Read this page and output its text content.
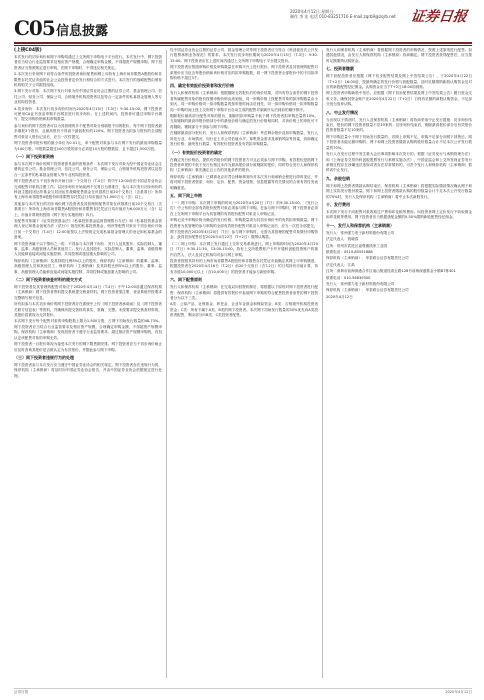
C05 信息披露
2020年4月12日 星期日
制作 李 宏 电话 010-83251716 E-mail:zqrb9@zqrb.net	证券日报
(上接C04版)
本次发行的初步询价和网下申购均通过上交所网下申购电子平台进行。本次发行中，网下投资者应当结合行业监管要求及相应资产规模，合理确定申购金额，不得超资产规模申购。网下投资者应当按照规定进行申购，在网下申购时，不得违反相关规定。
2.本次发行采用网下向符合条件的投资者询价配售和网上向持有上海市场非限售A股股份和非限售存托凭证市值的社会公众投资者定价发行相结合的方式进行。本次发行的战略配售由保荐机构相关子公司跟投组成。
3.网下发行对象：本次网下发行对象为经中国证券业协会注册的证券公司、基金管理公司、信托公司、财务公司、保险公司、合格境外机构投资者以及符合一定条件的私募基金管理人等专业机构投资者。
4.初步询价：本次发行初步询价时间为2020年4月15日（T-3日）9:30-15:00。网下投资者可使用CA证书登录申购平台网页进行初步询价。在上述时间内，投资者可通过申购平台填写、提交申购价格和拟申购数量。
参与询价的网下投资者可以为其管理的多个配售对象分别填报不同的报价，每个网下投资者最多填报3个报价，且最高报价不得高于最低报价的120%。网下投资者为拟参与报价的全部配售对象录入报价记录后，应当一次性提交。
网下投资者申报价格的最小单位为0.01元，单个配售对象参与本次网下发行的最低申购数量为100万股，申报数量超过100万股的部分必须是10万股的整数倍，且不超过1,500万股。
（一）网下投资者资格
参与本次网下询价的网下投资者需具备的资格条件：本次网下发行对象为经中国证券业协会注册的证券公司、基金管理公司、信托公司、财务公司、保险公司、合格境外机构投资者以及符合一定条件的私募基金管理人等专业机构投资者。
网下投资者应当于初步询价开始日前一个交易日（T-4日）的中午12:00前在中国证券业协会完成配售对象的注册工作。以初步询价开始前两个交易日为基准日，参与本次发行初步询价的科创主题封闭运作基金与封闭运作战略配售基金在该基准日前20个交易日（含基准日）所持有上海市场非限售A股股份和非限售存托凭证日均市值应为1,000万元（含）以上。
其他参与本次发行的初步询价网下投资者及其管理的配售对象在该基准日前20个交易日（含基准日）所持有上海市场非限售A股股份和非限售存托凭证日均市值应为6,000万元（含）以上。市值计算规则按照《网下发行实施细则》执行。
若配售对象属于《证券投资基金法》《私募投资基金监督管理暂行办法》和《私募投资基金管理人登记和基金备案办法（试行）》规范的私募投资基金，则该等配售对象应于初步询价开始日前一个交易日（T-4日）12:00前按以上法规规定完成私募基金管理人的登记和私募基金的备案。
网下投资者属于以下情形之一的，不得参与本次网下询价：发行人及其股东、实际控制人、董事、监事、高级管理人员和其他员工；发行人及其股东、实际控制人、董事、监事、高级管理人员能够直接或间接实施控制、共同控制或施加重大影响的公司。
保荐机构（主承销商）及其持股比例5%以上的股东，保荐机构（主承销商）的董事、监事、高级管理人员和其他员工；保荐机构（主承销商）及其持股比例5%以上的股东、董事、监事、高级管理人员能够直接或间接实施控制、共同控制或施加重大影响的公司。
（二）网下投资者核查材料的提交方式
网下投资者及其管理的配售对象应于2020年4月14日（T-4日）中午12:00前通过保荐机构（主承销商）网下投资者资料提交系统提交核查材料。网下投资者需注册、登录系统并按要求完整填写相关信息。
所有拟参与本次初步询价的网下投资者应在系统中上传《网下投资者承诺函》及《网下投资者关联方信息表》等资料，并确保所提交资料的真实、准确、完整。未按要求提交核查材料的，其报价将被视为无效报价。
本次网下发行每个配售对象的申购股数上限为1,500万股，占网下初始发行数量的48.73%。网下投资者应当结合行业监管要求及相应资产规模，合理确定申购金额，不得超资产规模申购。保荐机构（主承销商）发现投资者不遵守行业监管要求、超过相应资产规模申购的，有权认定该配售对象的申购无效。
网下投资者一旦报价即视为接受本次发行的网下限售期安排。网下投资者应当于初步询价截止后及时查询其报价是否被认定为有效报价，并据此参与网下申购。
（三）网下投资者违规行为的处理
网下投资者参与本次发行应当遵守中国证券业协会的相关规定。网下投资者存在违规行为的，保荐机构（主承销商）将及时向中国证券业协会报告，并由中国证券业协会依据规定进行处理。
经中国证券业协会注册的证券公司、基金管理公司等网下投资者应当符合《科创板首次公开发行股票承销业务规范》的要求。本次发行初步询价期间为2020年4月15日（T-3日）9:30-15:00。网下投资者应在上述时间内通过上交所网下申购电子平台提交报价。
网下投资者应按照申购价格及申购数量在申购平台上进行报价。网下投资者及其管理的配售对象报价应当包含每股价格和该价格对应的拟申购股数，同一网下投资者全部报价中的不同拟申购价格不超过3个。
四、确定有效报价投资者和发行价格
发行人和保荐机构（主承销商）根据剔除无效报价后的询价结果，对所有符合条件的网下投资者所属配售对象的报价按照申购价格由高到低、同一申购价格上按配售对象的拟申购数量由小到大、同一申购价格同一拟申购数量的按申报时间由后到先、同一拟申购价格同一拟申购数量同一申购时间上按上交所网下申购平台自动生成的配售对象顺序从后到前的顺序排序。
剔除报价最高部分配售对象的报价，剔除的拟申购量不低于网下投资者拟申购总量的10%。当拟剔除的最高申报价格部分中的最低价格与确定的发行价格相同时，对该价格上的申报可不再剔除。剔除部分不得参与网下申购。
在剔除最高部分报价后，发行人和保荐机构（主承销商）考虑剩余报价及拟申购数量、发行人所处行业、市场情况、同行业上市公司估值水平、募集资金需求及承销风险等因素，协商确定发行价格、最终发行数量、有效报价投资者及有效拟申购数量。
（一）有效报价投资者的确定
在确定发行价格后，提供有效报价的网下投资者方可且必须参与网下申购。有效报价是指网下投资者申报的不低于发行价格且未作为最高报价部分被剔除的报价，同时符合发行人和保荐机构（主承销商）事先确定且公告的其他条件的报价。
保荐机构（主承销商）已聘请北京市君合律师事务所对本次发行和承销全程进行即时见证，并将对网下投资者资质、询价、定价、配售、资金划拨、信息披露等有关情况的合规有效性发表明确意见。
五、网下网上申购
（一）网下申购：本次网下申购的时间为2020年4月20日（T日）的9:30-15:00。《发行公告》中公布的全部有效报价配售对象必须参与网下申购。在参与网下申购时，网下投资者必须在上交所网下申购平台为其管理的有效报价配售对象录入申购记录。
申购记录中申购价格为确定的发行价格，申购数量须为其初步询价中的有效拟申购数量。网下投资者为其管理的参与申购的全部有效报价配售对象录入申购记录后，应当一次性全部提交。
网下投资者在2020年4月20日（T日）参与网下申购时，无需为其管理的配售对象缴付申购资金，获得初步配售后在2020年4月22日（T+2日）缴纳认购款。
（二）网上申购：本次网上发行通过上交所交易系统进行。网上申购的时间为2020年4月20日（T日）9:30-11:30、13:00-15:00。持有上交所股票账户卡并开通科创板投资账户的境内自然人、法人及其它机构均可参与网上申购。
投资者按照其持有的上海市场非限售A股股份和非限售存托凭证市值确定其网上可申购额度。根据投资者在2020年4月16日（T-2日）前20个交易日（含T-2日）的日均持有市值计算，持有市值10,000元以上（含10,000元）的投资者才能参与新股申购。
六、网下配售原则
发行人和保荐机构（主承销商）在完成双向回拨机制后，将根据以下原则对网下投资者进行配售：保荐机构（主承销商）将提供有效报价并参加网下申购的符合配售投资者条件的网下投资者分为以下三类。
A类：公募产品、社保基金、养老金、企业年金基金和保险资金；B类：合格境外机构投资者资金；C类：所有不属于A类、B类的网下投资者。本次网下初始发行数量的50%优先向A类投资者配售，剩余部分向B类、C类投资者配售。
发行人和保荐机构（主承销商）将根据网下投资者的申购情况，按照上述原则进行配售。如遇其他情况，由发行人和保荐机构（主承销商）协商确定。网下投资者获得配售后，应当按时足额缴纳认购资金。
七、投资者缴款
网下获配投资者应根据《网下初步配售结果及网上中签结果公告》，于2020年4月22日（T+2日）16:00前，按最终确定的发行价格与获配数量，及时足额缴纳新股认购资金及对应的新股配售经纪佣金。认购资金应当于T+2日16:00前到账。
网上投资者申购新股中签后，应根据《网下初步配售结果及网上中签结果公告》履行资金交收义务，确保其资金账户在2020年4月22日（T+2日）日终有足额的新股认购资金，不足部分视为放弃认购。
八、中止发行情况
当出现以下情况时，发行人及保荐机构（主承销商）将协商采取中止发行措施：初步询价结束后，报价的网下投资者数量不足10家的；初步询价结束后，剔除最高报价部分后有效报价投资者数量不足10家的。
网下申购总量小于网下初始发行数量的；若网上申购不足，申购不足部分向网下回拨后，网下投资者未能足额申购的；网下和网上投资者缴款认购的股份数量合计不足本次公开发行数量的70%。
发行人在发行过程中发生重大会后事项影响本次发行的；根据《证券发行与承销管理办法》和《上海证券交易所科创板股票发行与承销实施办法》，中国证监会和上交所发现证券发行承销过程存在涉嫌违法违规或者存在异常情形的，可责令发行人和保荐机构（主承销商）暂停或中止发行。
九、余股包销
网下和网上投资者缴款认购结束后，保荐机构（主承销商）将根据实际缴款情况确认网下和网上实际发行股份数量。网下和网上投资者缴款认购的股份数量合计不足本次公开发行数量的70%时，发行人及保荐机构（主承销商）将中止本次新股发行。
十、发行费用
本次网下发行不向配售对象收取过户费和印花税等费用。向投资者网上定价发行不收取佣金和印花税等费用。网下投资者应当根据获配金额的0.50%缴纳新股配售经纪佣金。
十一、发行人和保荐机构（主承销商）
发行人：常州强力电子新材料股份有限公司
法定代表人：钱晓春
住所：常州市武进区遥观镇钱家工业园
联系电话：0519-85551888
保荐机构（主承销商）：华泰联合证券有限责任公司
法定代表人：江禹
住所：深圳市前海深港合作区南山街道桂湾五路128号前海深港基金小镇B7栋401
联系电话：010-56839300
发行人：常州强力电子新材料股份有限公司
保荐机构（主承销商）：华泰联合证券有限责任公司
2020年4月12日
证券日报	2020年4月12日
